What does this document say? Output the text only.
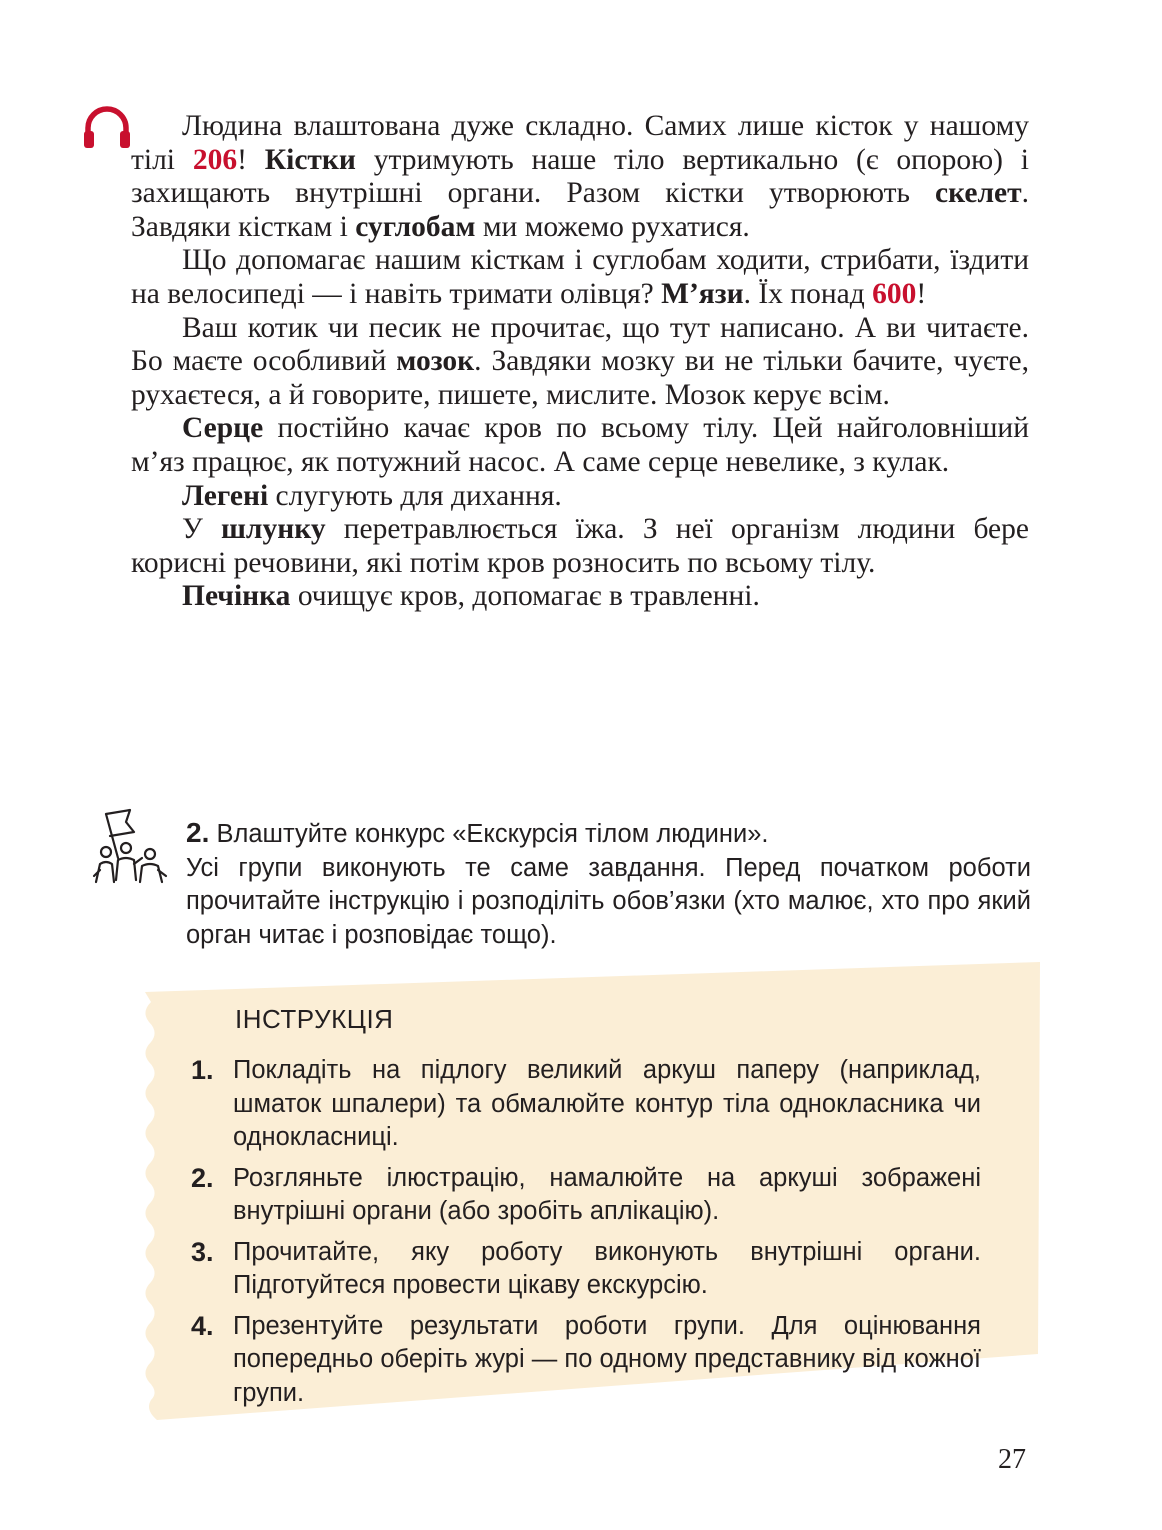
Людина влаштована дуже складно. Самих лише кісток у нашому тілі 206! Кістки утримують наше тіло вертикально (є опорою) і захищають внутрішні органи. Разом кістки утворюють скелет. Завдяки кісткам і суглобам ми можемо рухатися.

Що допомагає нашим кісткам і суглобам ходити, стрибати, їздити на велосипеді — і навіть тримати олівця? М’язи. Їх понад 600!

Ваш котик чи песик не прочитає, що тут написано. А ви читаєте. Бо маєте особливий мозок. Завдяки мозку ви не тільки бачите, чуєте, рухаєтеся, а й говорите, пишете, мислите. Мозок керує всім.

Серце постійно качає кров по всьому тілу. Цей найголовніший м’яз працює, як потужний насос. А саме серце невелике, з кулак.

Легені слугують для дихання.

У шлунку перетравлюється їжа. З неї організм людини бере корисні речовини, які потім кров розносить по всьому тілу.

Печінка очищує кров, допомагає в травленні.

2. Влаштуйте конкурс «Екскурсія тілом людини».

Усі групи виконують те саме завдання. Перед початком роботи прочитайте інструкцію і розподіліть обов’язки (хто малює, хто про який орган читає і розповідає тощо).

ІНСТРУКЦІЯ
1. Покладіть на підлогу великий аркуш паперу (наприклад, шматок шпалери) та обмалюйте контур тіла однокласника чи однокласниці.
2. Розгляньте ілюстрацію, намалюйте на аркуші зображені внутрішні органи (або зробіть аплікацію).
3. Прочитайте, яку роботу виконують внутрішні органи. Підготуйтеся провести цікаву екскурсію.
4. Презентуйте результати роботи групи. Для оцінювання попередньо оберіть журі — по одному представнику від кожної групи.
27
